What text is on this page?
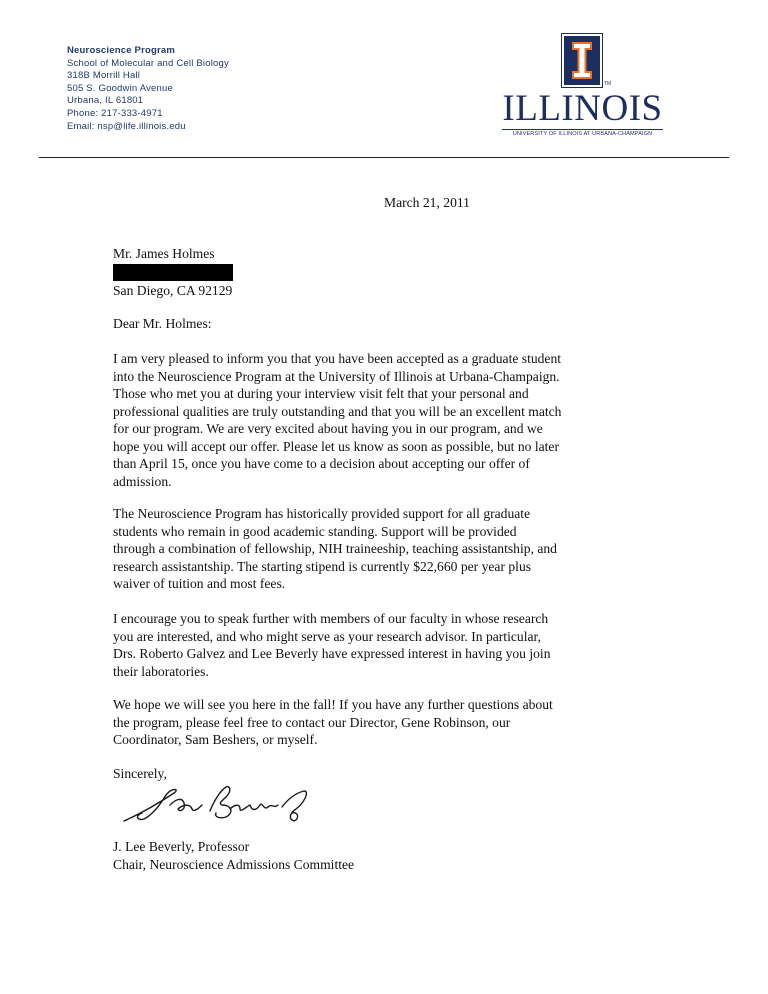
Neuroscience Program
School of Molecular and Cell Biology
318B Morrill Hall
505 S. Goodwin Avenue
Urbana, IL 61801
Phone: 217-333-4971
Email: nsp@life.illinois.edu
TM
ILLINOIS
UNIVERSITY OF ILLINOIS AT URBANA-CHAMPAIGN
March 21, 2011
Mr. James Holmes
San Diego, CA 92129
Dear Mr. Holmes:
I am very pleased to inform you that you have been accepted as a graduate student
into the Neuroscience Program at the University of Illinois at Urbana-Champaign.
Those who met you at during your interview visit felt that your personal and
professional qualities are truly outstanding and that you will be an excellent match
for our program. We are very excited about having you in our program, and we
hope you will accept our offer. Please let us know as soon as possible, but no later
than April 15, once you have come to a decision about accepting our offer of
admission.
The Neuroscience Program has historically provided support for all graduate
students who remain in good academic standing. Support will be provided
through a combination of fellowship, NIH traineeship, teaching assistantship, and
research assistantship. The starting stipend is currently $22,660 per year plus
waiver of tuition and most fees.
I encourage you to speak further with members of our faculty in whose research
you are interested, and who might serve as your research advisor. In particular,
Drs. Roberto Galvez and Lee Beverly have expressed interest in having you join
their laboratories.
We hope we will see you here in the fall! If you have any further questions about
the program, please feel free to contact our Director, Gene Robinson, our
Coordinator, Sam Beshers, or myself.
Sincerely,
J. Lee Beverly, Professor
Chair, Neuroscience Admissions Committee
